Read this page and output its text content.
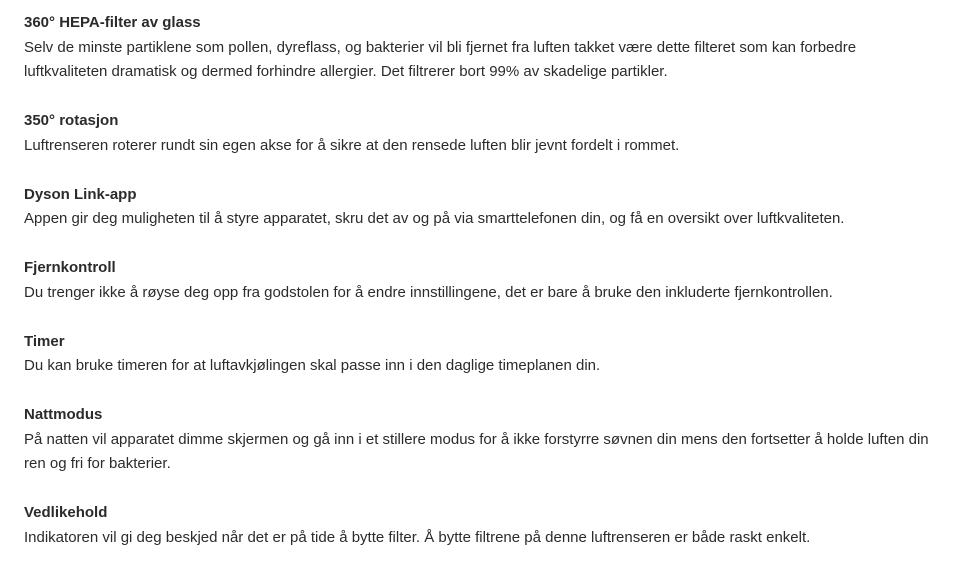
360° HEPA-filter av glass

Selv de minste partiklene som pollen, dyreflass, og bakterier vil bli fjernet fra luften takket være dette filteret som kan forbedre luftkvaliteten dramatisk og dermed forhindre allergier. Det filtrerer bort 99% av skadelige partikler.

350° rotasjon

Luftrenseren roterer rundt sin egen akse for å sikre at den rensede luften blir jevnt fordelt i rommet.

Dyson Link-app

Appen gir deg muligheten til å styre apparatet, skru det av og på via smarttelefonen din, og få en oversikt over luftkvaliteten.

Fjernkontroll

Du trenger ikke å røyse deg opp fra godstolen for å endre innstillingene, det er bare å bruke den inkluderte fjernkontrollen.

Timer

Du kan bruke timeren for at luftavkjølingen skal passe inn i den daglige timeplanen din.

Nattmodus

På natten vil apparatet dimme skjermen og gå inn i et stillere modus for å ikke forstyrre søvnen din mens den fortsetter å holde luften din ren og fri for bakterier.

Vedlikehold

Indikatoren vil gi deg beskjed når det er på tide å bytte filter. Å bytte filtrene på denne luftrenseren er både raskt enkelt.
